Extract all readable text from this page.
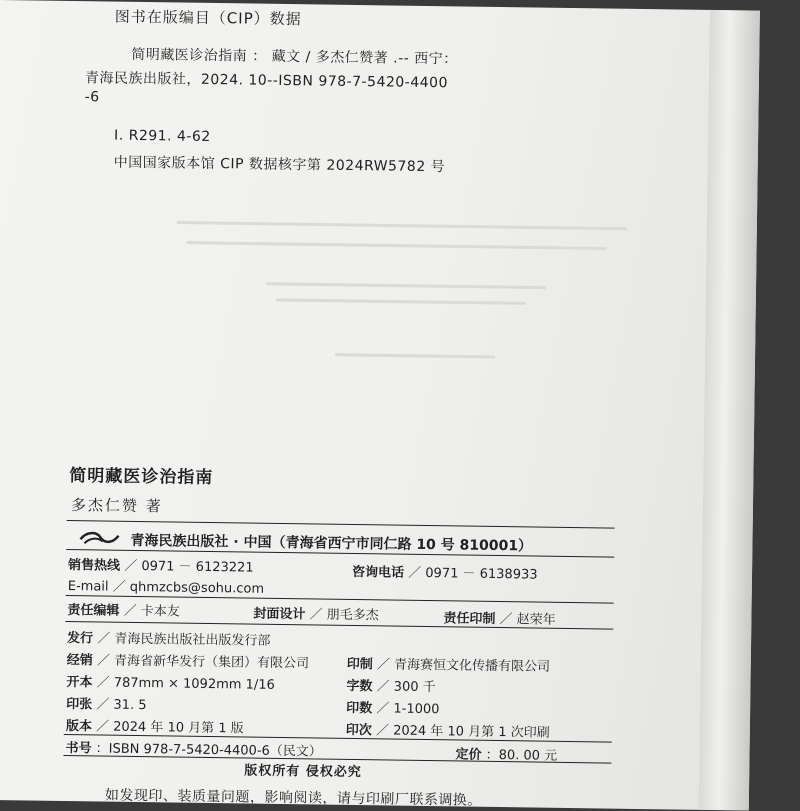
图书在版编目（CIP）数据
简明藏医诊治指南 ： 藏文 / 多杰仁赞著 .-- 西宁：
青海民族出版社，2024. 10--ISBN 978-7-5420-4400
-6
Ⅰ. R291. 4-62
中国国家版本馆 CIP 数据核字第 2024RW5782 号
简明藏医诊治指南
多杰仁赞 著
青海民族出版社 · 中国（青海省西宁市同仁路 10 号 810001）
销售热线 ／ 0971 － 6123221	咨询电话 ／ 0971 － 6138933
E-mail ／ qhmzcbs@sohu.com
责任编辑 ／ 卡本友	封面设计 ／ 朋毛多杰	责任印制 ／ 赵荣年
发行 ／ 青海民族出版社出版发行部
经销 ／ 青海省新华发行（集团）有限公司	印制 ／ 青海赛恒文化传播有限公司
开本 ／ 787mm × 1092mm 1/16	字数 ／ 300 千
印张 ／ 31. 5	印数 ／ 1-1000
版本 ／ 2024 年 10 月第 1 版	印次 ／ 2024 年 10 月第 1 次印刷
书号 ：ISBN 978-7-5420-4400-6（民文）	定价 ：80. 00 元
版权所有 侵权必究
如发现印、装质量问题，影响阅读，请与印刷厂联系调换。
